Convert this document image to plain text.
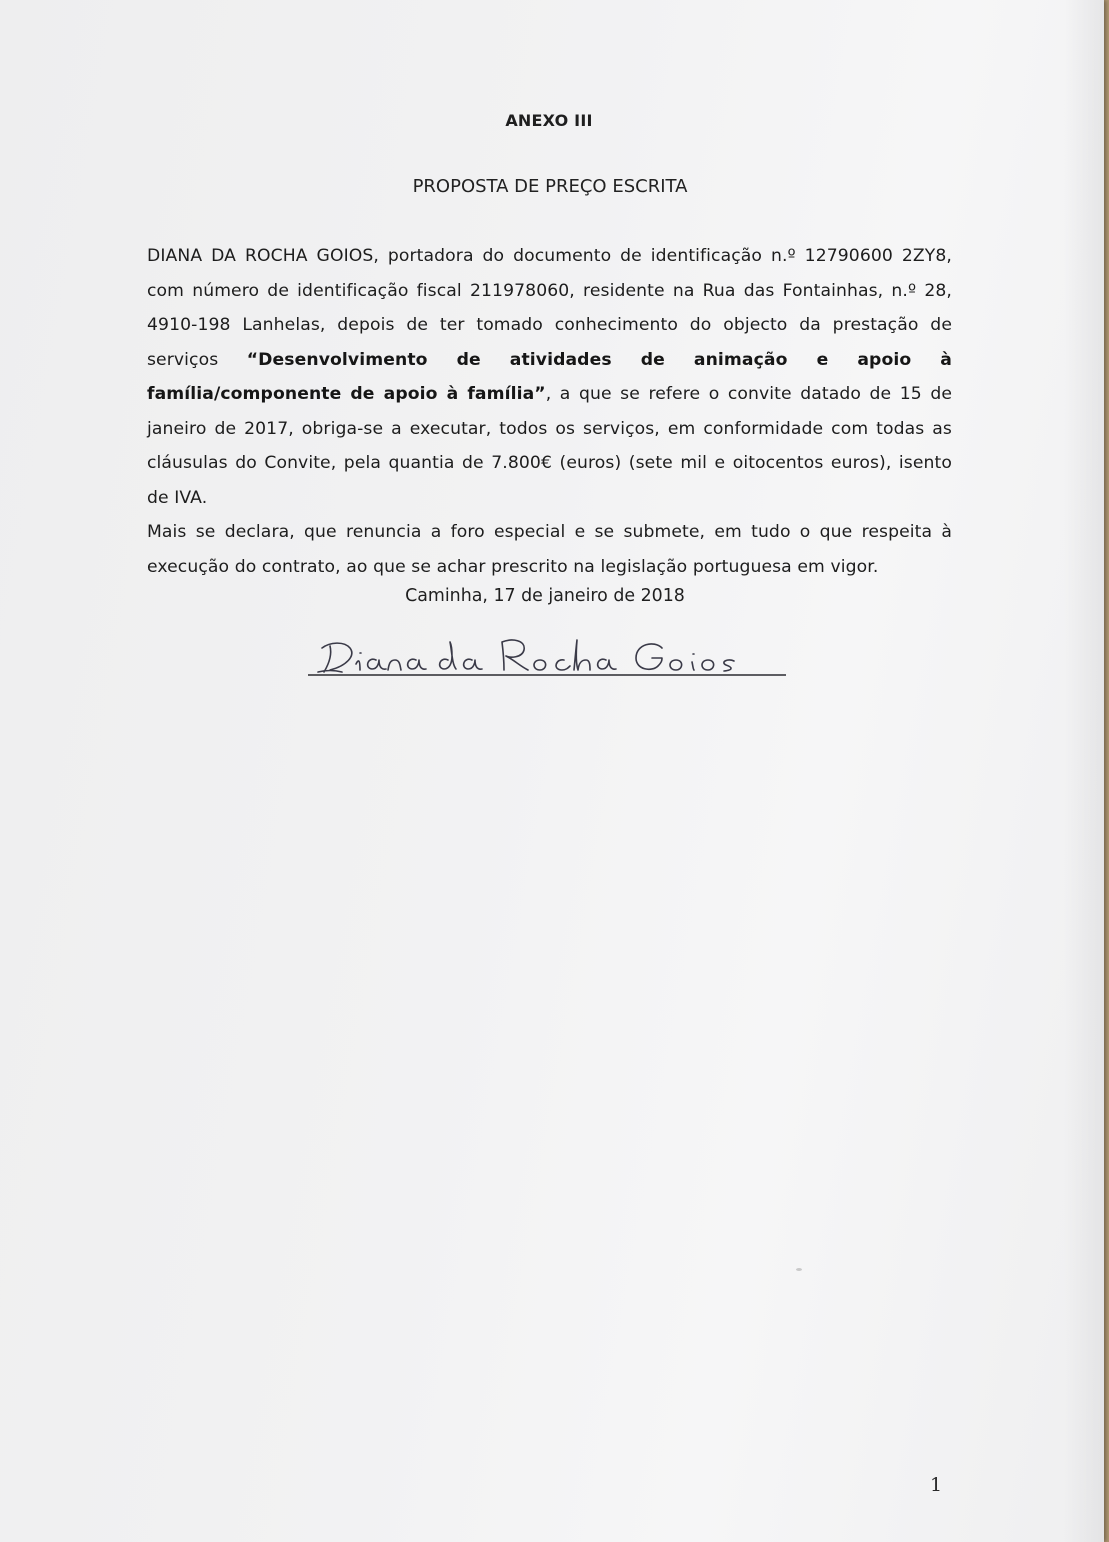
ANEXO III
PROPOSTA DE PREÇO ESCRITA

DIANA DA ROCHA GOIOS, portadora do documento de identificação n.º 12790600 2ZY8, com número de identificação fiscal 211978060, residente na Rua das Fontainhas, n.º 28, 4910-198 Lanhelas, depois de ter tomado conhecimento do objecto da prestação de serviços “Desenvolvimento de atividades de animação e apoio à família/componente de apoio à família”, a que se refere o convite datado de 15 de janeiro de 2017, obriga-se a executar, todos os serviços, em conformidade com todas as cláusulas do Convite, pela quantia de 7.800€ (euros) (sete mil e oitocentos euros), isento de IVA.

Mais se declara, que renuncia a foro especial e se submete, em tudo o que respeita à execução do contrato, ao que se achar prescrito na legislação portuguesa em vigor.

Caminha, 17 de janeiro de 2018
1
